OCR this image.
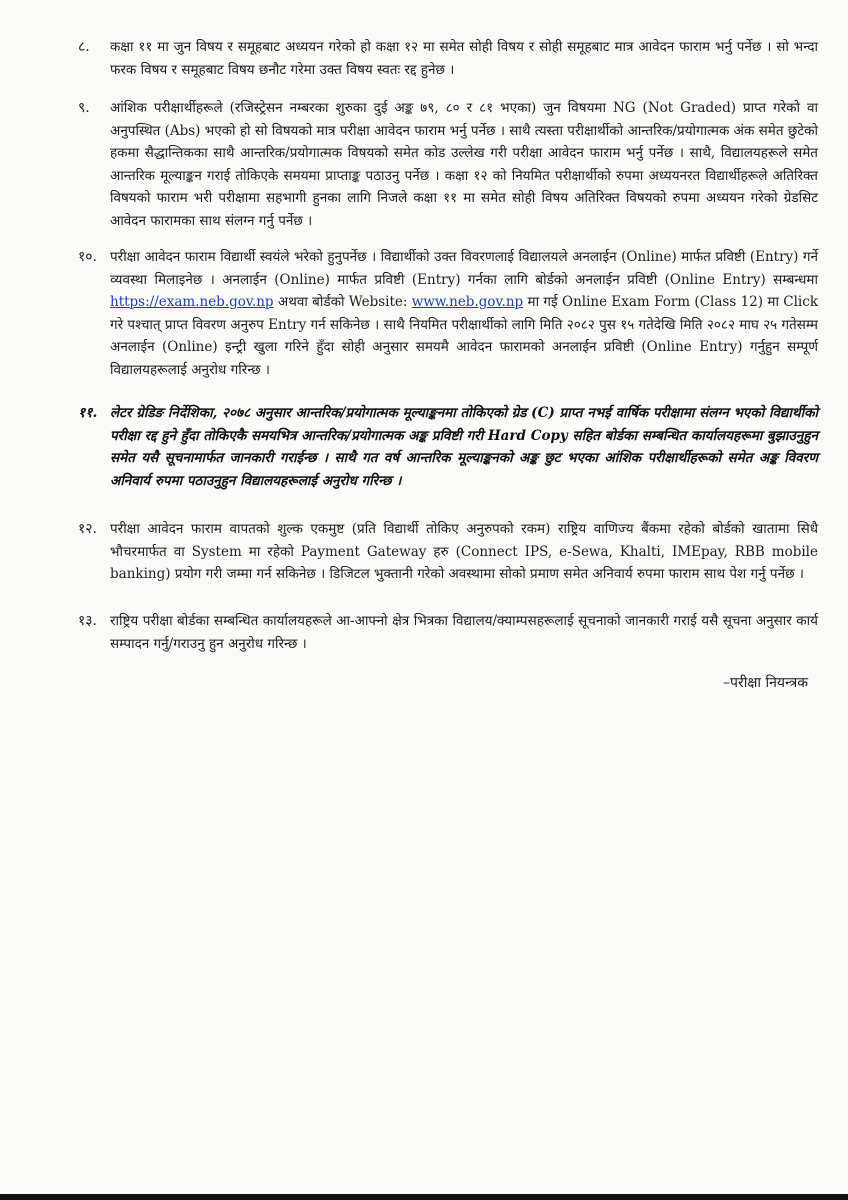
८.	कक्षा ११ मा जुन विषय र समूहबाट अध्ययन गरेको हो कक्षा १२ मा समेत सोही विषय र सोही समूहबाट मात्र आवेदन फाराम भर्नु पर्नेछ । सो भन्दा फरक विषय र समूहबाट विषय छनौट गरेमा उक्त विषय स्वतः रद्द हुनेछ ।

९.	आंशिक परीक्षार्थीहरूले (रजिस्ट्रेसन नम्बरका शुरुका दुई अङ्क ७९, ८० र ८१ भएका) जुन विषयमा NG (Not Graded) प्राप्त गरेको वा अनुपस्थित (Abs) भएको हो सो विषयको मात्र परीक्षा आवेदन फाराम भर्नु पर्नेछ । साथै त्यस्ता परीक्षार्थीको आन्तरिक/प्रयोगात्मक अंक समेत छुटेको हकमा सैद्धान्तिकका साथै आन्तरिक/प्रयोगात्मक विषयको समेत कोड उल्लेख गरी परीक्षा आवेदन फाराम भर्नु पर्नेछ । साथै, विद्यालयहरूले समेत आन्तरिक मूल्याङ्कन गराई तोकिएके समयमा प्राप्ताङ्क पठाउनु पर्नेछ । कक्षा १२ को नियमित परीक्षार्थीको रुपमा अध्ययनरत विद्यार्थीहरूले अतिरिक्त विषयको फाराम भरी परीक्षामा सहभागी हुनका लागि निजले कक्षा ११ मा समेत सोही विषय अतिरिक्त विषयको रुपमा अध्ययन गरेको ग्रेडसिट आवेदन फारामका साथ संलग्न गर्नु पर्नेछ ।

१०. परीक्षा आवेदन फाराम विद्यार्थी स्वयंले भरेको हुनुपर्नेछ । विद्यार्थीको उक्त विवरणलाई विद्यालयले अनलाईन (Online) मार्फत प्रविष्टी (Entry) गर्ने व्यवस्था मिलाइनेछ । अनलाईन (Online) मार्फत प्रविष्टी (Entry) गर्नका लागि बोर्डको अनलाईन प्रविष्टी (Online Entry) सम्बन्धमा https://exam.neb.gov.np अथवा बोर्डको Website: www.neb.gov.np मा गई Online Exam Form (Class 12) मा Click गरे पश्चात् प्राप्त विवरण अनुरुप Entry गर्न सकिनेछ । साथै नियमित परीक्षार्थीको लागि मिति २०८२ पुस १५ गतेदेखि मिति २०८२ माघ २५ गतेसम्म अनलाईन (Online) इन्ट्री खुला गरिने हुँदा सोही अनुसार समयमै आवेदन फारामको अनलाईन प्रविष्टी (Online Entry) गर्नुहुन सम्पूर्ण विद्यालयहरूलाई अनुरोध गरिन्छ ।

११. लेटर ग्रेडिङ निर्देशिका, २०७८ अनुसार आन्तरिक/प्रयोगात्मक मूल्याङ्कनमा तोकिएको ग्रेड (C) प्राप्त नभई वार्षिक परीक्षामा संलग्न भएको विद्यार्थीको परीक्षा रद्द हुने हुँदा तोकिएकै समयभित्र आन्तरिक/प्रयोगात्मक अङ्क प्रविष्टी गरी Hard Copy सहित बोर्डका सम्बन्धित कार्यालयहरूमा बुझाउनुहुन समेत यसै सूचनामार्फत जानकारी गराईन्छ । साथै गत वर्ष आन्तरिक मूल्याङ्कनको अङ्क छुट भएका आंशिक परीक्षार्थीहरूको समेत अङ्क विवरण अनिवार्य रुपमा पठाउनुहुन विद्यालयहरूलाई अनुरोध गरिन्छ ।

१२. परीक्षा आवेदन फाराम वापतको शुल्क एकमुष्ट (प्रति विद्यार्थी तोकिए अनुरुपको रकम) राष्ट्रिय वाणिज्य बैंकमा रहेको बोर्डको खातामा सिधै भौचरमार्फत वा System मा रहेको Payment Gateway हरु (Connect IPS, e-Sewa, Khalti, IMEpay, RBB mobile banking) प्रयोग गरी जम्मा गर्न सकिनेछ । डिजिटल भुक्तानी गरेको अवस्थामा सोको प्रमाण समेत अनिवार्य रुपमा फाराम साथ पेश गर्नु पर्नेछ ।

१३. राष्ट्रिय परीक्षा बोर्डका सम्बन्धित कार्यालयहरूले आ-आफ्नो क्षेत्र भित्रका विद्यालय/क्याम्पसहरूलाई सूचनाको जानकारी गराई यसै सूचना अनुसार कार्य सम्पादन गर्नु/गराउनु हुन अनुरोध गरिन्छ ।

–परीक्षा नियन्त्रक
